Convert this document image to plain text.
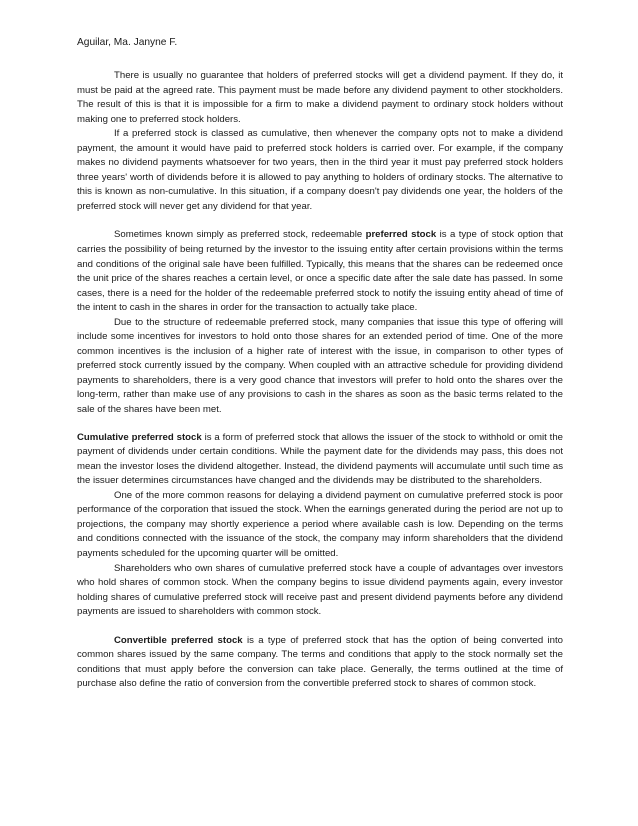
Aguilar, Ma. Janyne F.

There is usually no guarantee that holders of preferred stocks will get a dividend payment. If they do, it must be paid at the agreed rate. This payment must be made before any dividend payment to other stockholders. The result of this is that it is impossible for a firm to make a dividend payment to ordinary stock holders without making one to preferred stock holders.

If a preferred stock is classed as cumulative, then whenever the company opts not to make a dividend payment, the amount it would have paid to preferred stock holders is carried over. For example, if the company makes no dividend payments whatsoever for two years, then in the third year it must pay preferred stock holders three years' worth of dividends before it is allowed to pay anything to holders of ordinary stocks. The alternative to this is known as non-cumulative. In this situation, if a company doesn't pay dividends one year, the holders of the preferred stock will never get any dividend for that year.

Sometimes known simply as preferred stock, redeemable preferred stock is a type of stock option that carries the possibility of being returned by the investor to the issuing entity after certain provisions within the terms and conditions of the original sale have been fulfilled. Typically, this means that the shares can be redeemed once the unit price of the shares reaches a certain level, or once a specific date after the sale date has passed. In some cases, there is a need for the holder of the redeemable preferred stock to notify the issuing entity ahead of time of the intent to cash in the shares in order for the transaction to actually take place.

Due to the structure of redeemable preferred stock, many companies that issue this type of offering will include some incentives for investors to hold onto those shares for an extended period of time. One of the more common incentives is the inclusion of a higher rate of interest with the issue, in comparison to other types of preferred stock currently issued by the company. When coupled with an attractive schedule for providing dividend payments to shareholders, there is a very good chance that investors will prefer to hold onto the shares over the long-term, rather than make use of any provisions to cash in the shares as soon as the basic terms related to the sale of the shares have been met.

Cumulative preferred stock is a form of preferred stock that allows the issuer of the stock to withhold or omit the payment of dividends under certain conditions. While the payment date for the dividends may pass, this does not mean the investor loses the dividend altogether. Instead, the dividend payments will accumulate until such time as the issuer determines circumstances have changed and the dividends may be distributed to the shareholders.

One of the more common reasons for delaying a dividend payment on cumulative preferred stock is poor performance of the corporation that issued the stock. When the earnings generated during the period are not up to projections, the company may shortly experience a period where available cash is low. Depending on the terms and conditions connected with the issuance of the stock, the company may inform shareholders that the dividend payments scheduled for the upcoming quarter will be omitted.

Shareholders who own shares of cumulative preferred stock have a couple of advantages over investors who hold shares of common stock. When the company begins to issue dividend payments again, every investor holding shares of cumulative preferred stock will receive past and present dividend payments before any dividend payments are issued to shareholders with common stock.

Convertible preferred stock is a type of preferred stock that has the option of being converted into common shares issued by the same company. The terms and conditions that apply to the stock normally set the conditions that must apply before the conversion can take place. Generally, the terms outlined at the time of purchase also define the ratio of conversion from the convertible preferred stock to shares of common stock.
